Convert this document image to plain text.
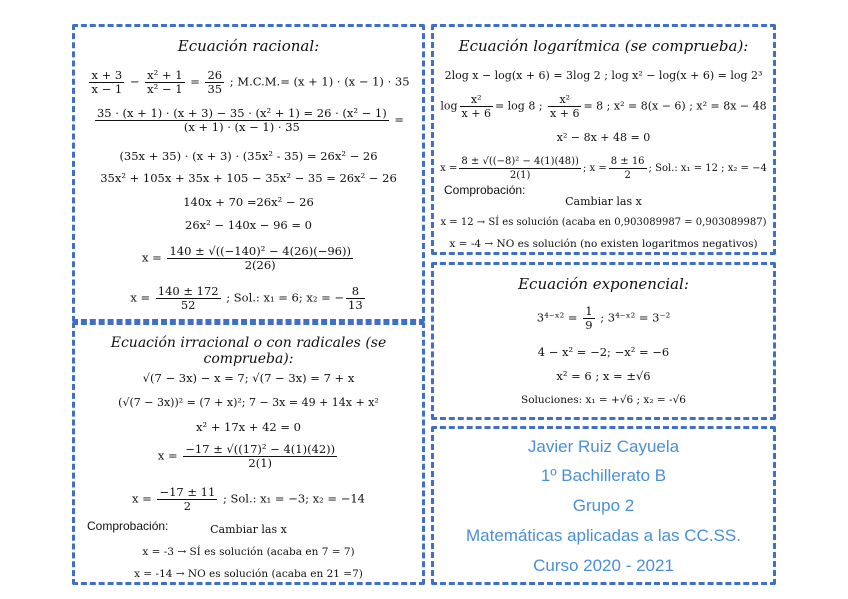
Ecuación racional:
$\frac{x + 3}{x - 1} - \frac{\text{x² + 1}}{\text{x² − 1}} = \frac{26}{35}$ ; M.C.M.= (x + 1) · (x − 1) · 35
$\frac{\text{35 · (x + 1) · (x + 3) − 35 · (x² + 1) = 26 · (x² − 1)}}{(x + 1) \cdot (x - 1) \cdot 35}$ =
(35x + 35) · (x + 3) · (35x² - 35) = 26x² − 26
35x² + 105x + 35x + 105 − 35x² − 35 = 26x² − 26
140x + 70 =26x² − 26
26x² − 140x − 96 = 0
$x = \frac{\text{140 ± √((−140)² − 4(26)(−96))}}{2(26)}$
$x = \frac{140 \pm 172}{52}$ ; Sol.: x₁ = 6; x₂ = − $\frac{8}{13}$
Ecuación logarítmica (se comprueba):
2log x − log(x + 6) = 3log 2 ; log x² − log(x + 6) = log 2³
$\log \frac{\text{x²}}{x + 6} = \log 8$ ; $\frac{\text{x²}}{x + 6} = 8$ ; x² = 8(x − 6) ; x² = 8x − 48
x² − 8x + 48 = 0
$x = \frac{\text{8 ± √((−8)² − 4(1)(48))}}{2(1)}$ ; $x = \frac{8 \pm 16}{2}$ ; Sol.: x₁ = 12 ; x₂ = −4
Comprobación:
Cambiar las x
x = 12 → SÍ es solución (acaba en 0,903089987 = 0,903089987)
x = -4 → NO es solución (no existen logaritmos negativos)
Ecuación exponencial:
3⁴⁻ˣ² = $\frac{1}{9}$ ; 3⁴⁻ˣ² = 3⁻²
4 − x² = −2; −x² = −6
x² = 6 ; x = ±√6
Soluciones: x₁ = +√6 ; x₂ = -√6
Ecuación irracional o con radicales (se comprueba):
√(7 − 3x) − x = 7; √(7 − 3x) = 7 + x
(√(7 − 3x))² = (7 + x)²; 7 − 3x = 49 + 14x + x²
x² + 17x + 42 = 0
$x = \frac{\text{−17 ± √((17)² − 4(1)(42))}}{2(1)}$
$x = \frac{-17 \pm 11}{2}$ ; Sol.: x₁ = −3; x₂ = −14
Comprobación:	Cambiar las x
x = -3 → SÍ es solución (acaba en 7 = 7)
x = -14 → NO es solución (acaba en 21 =7)
Javier Ruiz Cayuela
1º Bachillerato B
Grupo 2
Matemáticas aplicadas a las CC.SS.
Curso 2020 - 2021
